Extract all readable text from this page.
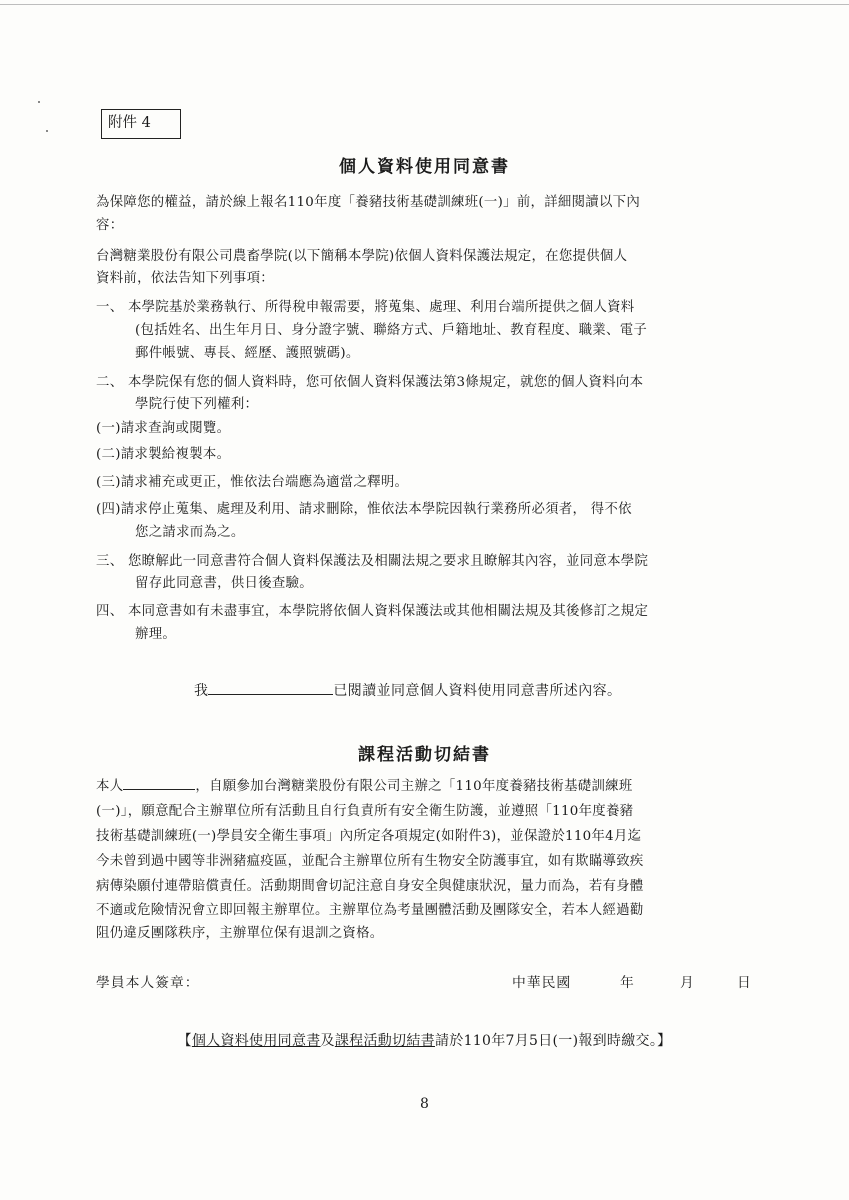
附件 4
個人資料使用同意書
為保障您的權益，請於線上報名110年度「養豬技術基礎訓練班(一)」前，詳細閱讀以下內
容：
台灣糖業股份有限公司農畜學院(以下簡稱本學院)依個人資料保護法規定，在您提供個人
資料前，依法告知下列事項：
一、 本學院基於業務執行、所得稅申報需要，將蒐集、處理、利用台端所提供之個人資料
(包括姓名、出生年月日、身分證字號、聯絡方式、戶籍地址、教育程度、職業、電子
郵件帳號、專長、經歷、護照號碼)。
二、 本學院保有您的個人資料時，您可依個人資料保護法第3條規定，就您的個人資料向本
學院行使下列權利：
(一)請求查詢或閱覽。
(二)請求製給複製本。
(三)請求補充或更正，惟依法台端應為適當之釋明。
(四)請求停止蒐集、處理及利用、請求刪除，惟依法本學院因執行業務所必須者， 得不依
您之請求而為之。
三、 您瞭解此一同意書符合個人資料保護法及相關法規之要求且瞭解其內容，並同意本學院
留存此同意書，供日後查驗。
四、 本同意書如有未盡事宜，本學院將依個人資料保護法或其他相關法規及其後修訂之規定
辦理。
我	已閱讀並同意個人資料使用同意書所述內容。
課程活動切結書
本人	，自願參加台灣糖業股份有限公司主辦之「110年度養豬技術基礎訓練班
(一)」，願意配合主辦單位所有活動且自行負責所有安全衛生防護，並遵照「110年度養豬
技術基礎訓練班(一)學員安全衛生事項」內所定各項規定(如附件3)，並保證於110年4月迄
今未曾到過中國等非洲豬瘟疫區，並配合主辦單位所有生物安全防護事宜，如有欺瞞導致疾
病傳染願付連帶賠償責任。活動期間會切記注意自身安全與健康狀況，量力而為，若有身體
不適或危險情況會立即回報主辦單位。主辦單位為考量團體活動及團隊安全，若本人經過勸
阻仍違反團隊秩序，主辦單位保有退訓之資格。
學員本人簽章：	中華民國	年	月	日
【個人資料使用同意書及課程活動切結書請於110年7月5日(一)報到時繳交。】
8
